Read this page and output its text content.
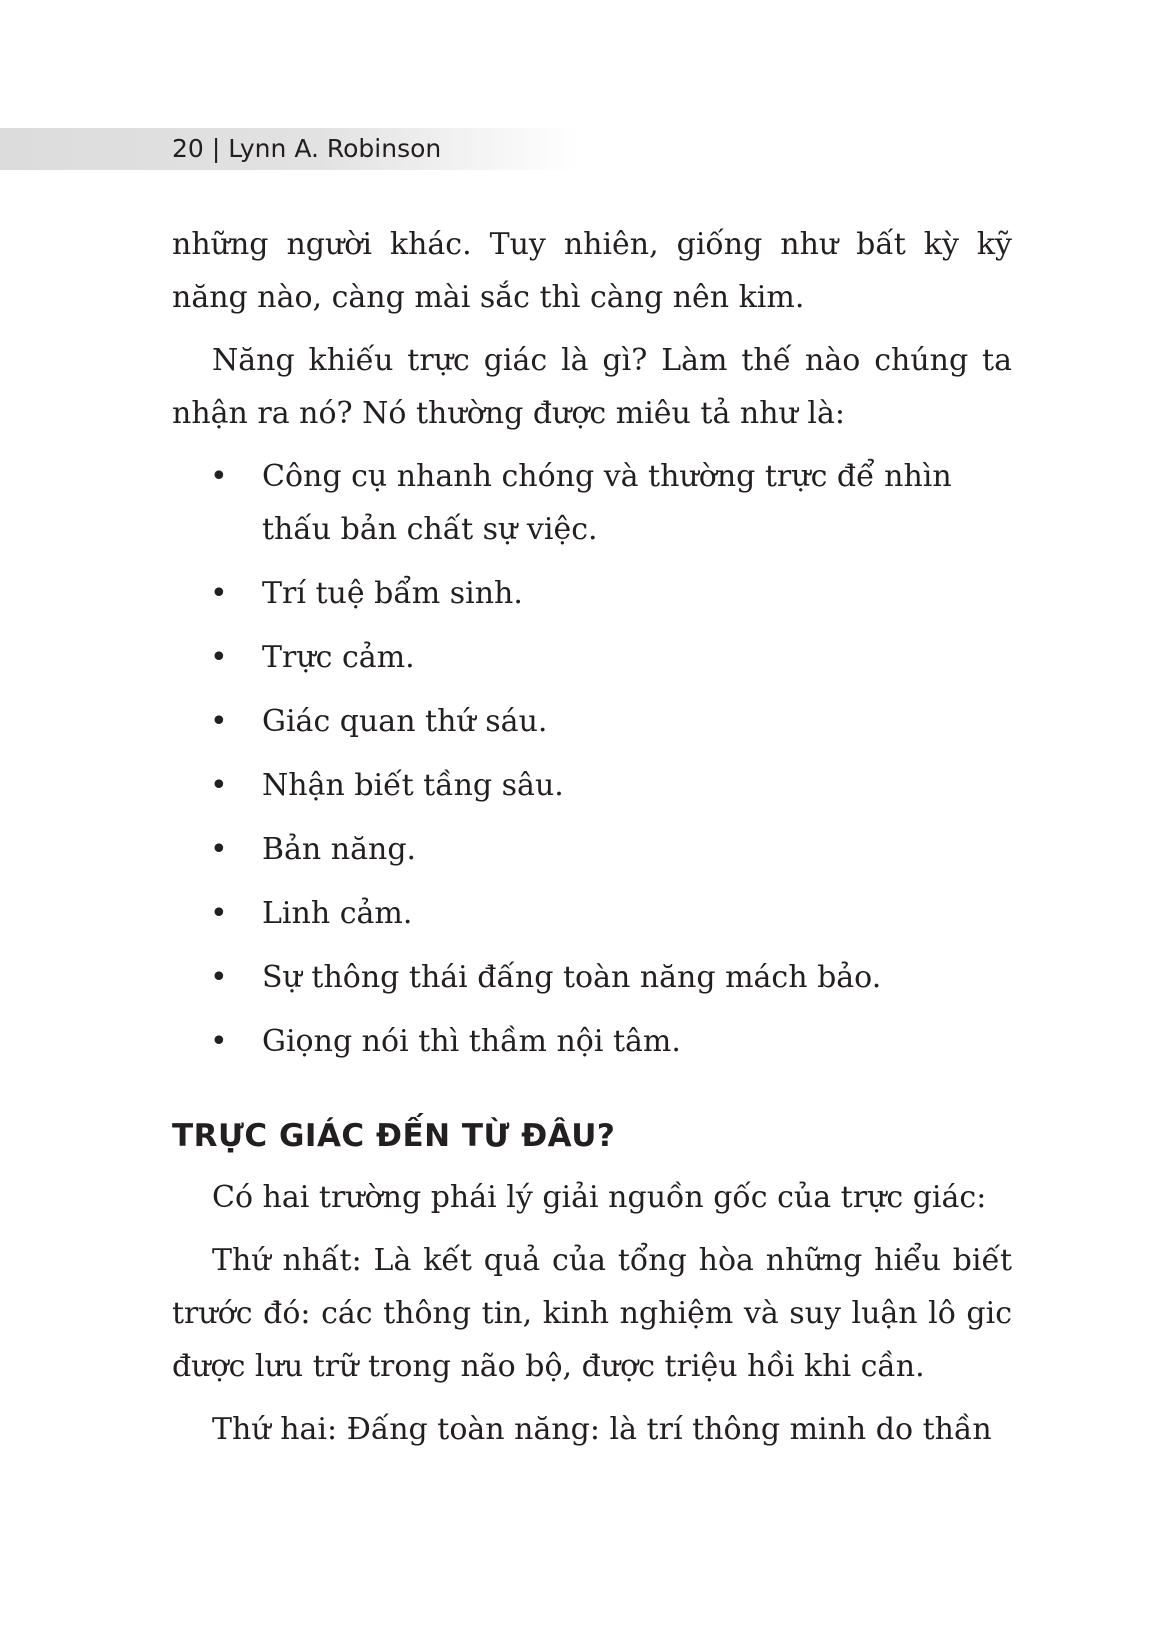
20 | Lynn A. Robinson

những người khác. Tuy nhiên, giống như bất kỳ kỹ năng nào, càng mài sắc thì càng nên kim.

Năng khiếu trực giác là gì? Làm thế nào chúng ta nhận ra nó? Nó thường được miêu tả như là:

• Công cụ nhanh chóng và thường trực để nhìn thấu bản chất sự việc.
• Trí tuệ bẩm sinh.
• Trực cảm.
• Giác quan thứ sáu.
• Nhận biết tầng sâu.
• Bản năng.
• Linh cảm.
• Sự thông thái đấng toàn năng mách bảo.
• Giọng nói thì thầm nội tâm.
TRỰC GIÁC ĐẾN TỪ ĐÂU?

Có hai trường phái lý giải nguồn gốc của trực giác:

Thứ nhất: Là kết quả của tổng hòa những hiểu biết trước đó: các thông tin, kinh nghiệm và suy luận lô gic được lưu trữ trong não bộ, được triệu hồi khi cần.

Thứ hai: Đấng toàn năng: là trí thông minh do thần
